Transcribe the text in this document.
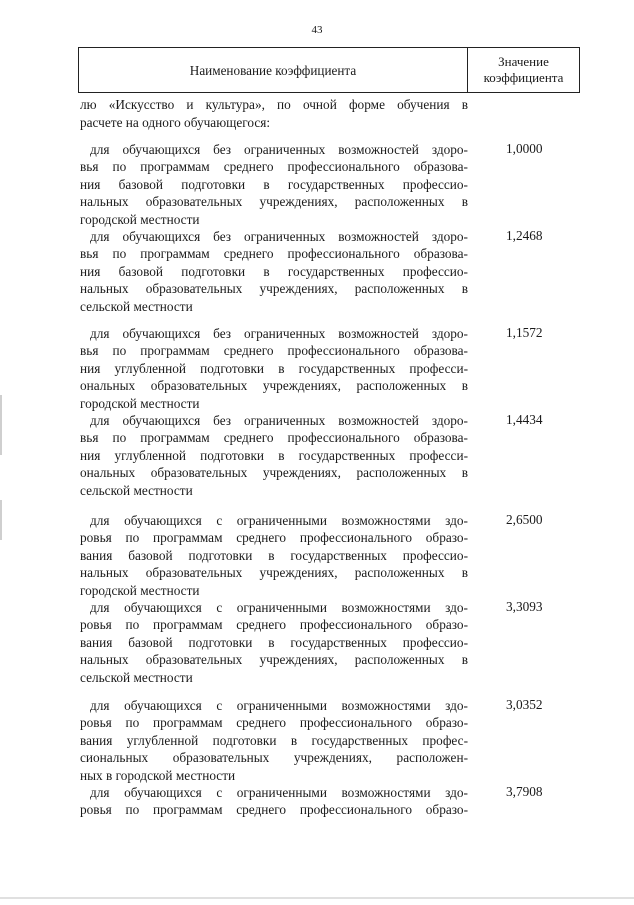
43
Наименование коэффициента
Значение
коэффициента
лю «Искусство и культура», по очной форме обучения в
расчете на одного обучающегося:
для обучающихся без ограниченных возможностей здоро-
вья по программам среднего профессионального образова-
ния базовой подготовки в государственных профессио-
нальных образовательных учреждениях, расположенных в
городской местности
1,0000
для обучающихся без ограниченных возможностей здоро-
вья по программам среднего профессионального образова-
ния базовой подготовки в государственных профессио-
нальных образовательных учреждениях, расположенных в
сельской местности
1,2468
для обучающихся без ограниченных возможностей здоро-
вья по программам среднего профессионального образова-
ния углубленной подготовки в государственных професси-
ональных образовательных учреждениях, расположенных в
городской местности
1,1572
для обучающихся без ограниченных возможностей здоро-
вья по программам среднего профессионального образова-
ния углубленной подготовки в государственных професси-
ональных образовательных учреждениях, расположенных в
сельской местности
1,4434
для обучающихся с ограниченными возможностями здо-
ровья по программам среднего профессионального образо-
вания базовой подготовки в государственных профессио-
нальных образовательных учреждениях, расположенных в
городской местности
2,6500
для обучающихся с ограниченными возможностями здо-
ровья по программам среднего профессионального образо-
вания базовой подготовки в государственных профессио-
нальных образовательных учреждениях, расположенных в
сельской местности
3,3093
для обучающихся с ограниченными возможностями здо-
ровья по программам среднего профессионального образо-
вания углубленной подготовки в государственных профес-
сиональных образовательных учреждениях, расположен-
ных в городской местности
3,0352
для обучающихся с ограниченными возможностями здо-
ровья по программам среднего профессионального образо-
3,7908
